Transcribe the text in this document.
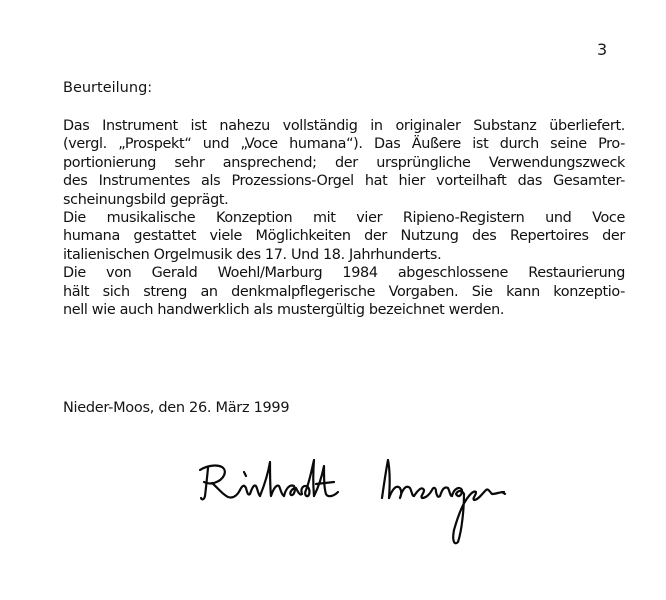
3
Beurteilung:
Das Instrument ist nahezu vollständig in originaler Substanz überliefert.
(vergl. „Prospekt“ und „Voce humana“). Das Äußere ist durch seine Pro-
portionierung sehr ansprechend; der ursprüngliche Verwendungszweck
des Instrumentes als Prozessions-Orgel hat hier vorteilhaft das Gesamter-
scheinungsbild geprägt.
Die musikalische Konzeption mit vier Ripieno-Registern und Voce
humana gestattet viele Möglichkeiten der Nutzung des Repertoires der
italienischen Orgelmusik des 17. Und 18. Jahrhunderts.
Die von Gerald Woehl/Marburg 1984 abgeschlossene Restaurierung
hält sich streng an denkmalpflegerische Vorgaben. Sie kann konzeptio-
nell wie auch handwerklich als mustergültig bezeichnet werden.
Nieder-Moos, den 26. März 1999
